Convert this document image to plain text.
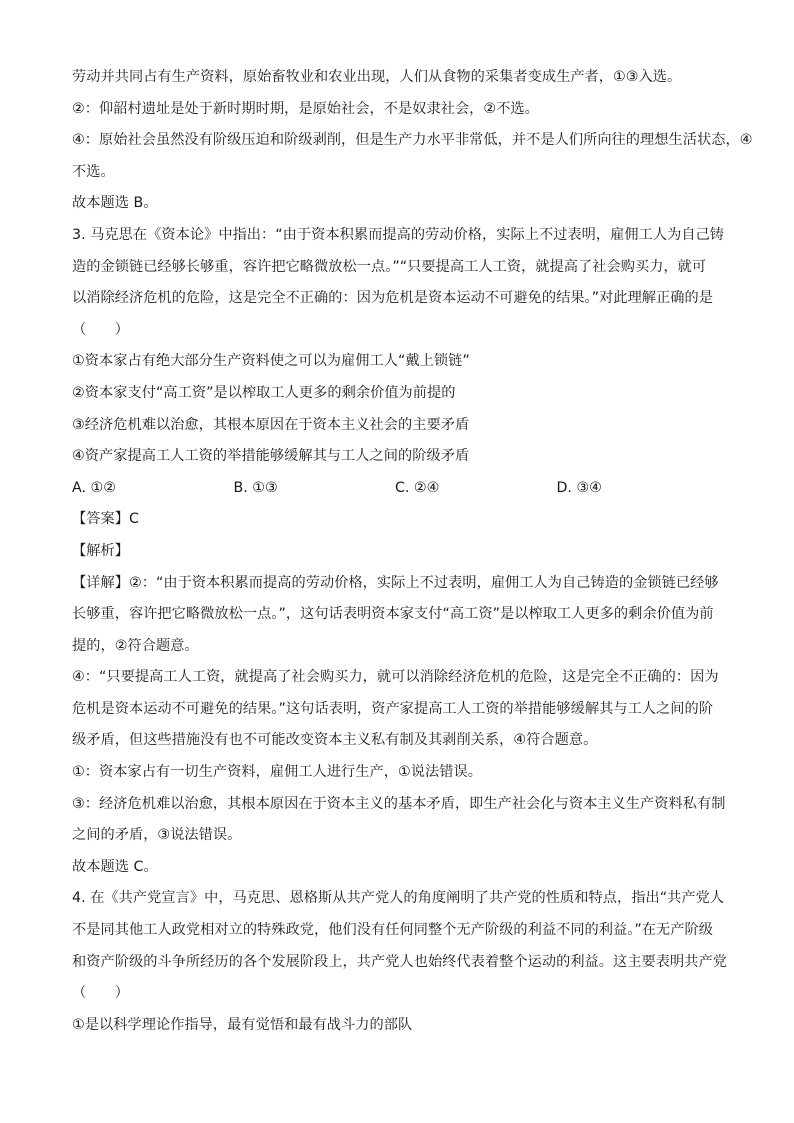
劳动并共同占有生产资料，原始畜牧业和农业出现，人们从食物的采集者变成生产者，①③入选。
②：仰韶村遗址是处于新时期时期，是原始社会，不是奴隶社会，②不选。
④：原始社会虽然没有阶级压迫和阶级剥削，但是生产力水平非常低，并不是人们所向往的理想生活状态，④
不选。
故本题选 B。
3. 马克思在《资本论》中指出：“由于资本积累而提高的劳动价格，实际上不过表明，雇佣工人为自己铸
造的金锁链已经够长够重，容许把它略微放松一点。”“只要提高工人工资，就提高了社会购买力，就可
以消除经济危机的危险，这是完全不正确的：因为危机是资本运动不可避免的结果。”对此理解正确的是
（　　）
①资本家占有绝大部分生产资料使之可以为雇佣工人“戴上锁链”
②资本家支付“高工资”是以榨取工人更多的剩余价值为前提的
③经济危机难以治愈，其根本原因在于资本主义社会的主要矛盾
④资产家提高工人工资的举措能够缓解其与工人之间的阶级矛盾
A. ①②	B. ①③	C. ②④	D. ③④
【答案】C
【解析】
【详解】②：“由于资本积累而提高的劳动价格，实际上不过表明，雇佣工人为自己铸造的金锁链已经够
长够重，容许把它略微放松一点。”，这句话表明资本家支付“高工资”是以榨取工人更多的剩余价值为前
提的，②符合题意。
④：“只要提高工人工资，就提高了社会购买力，就可以消除经济危机的危险，这是完全不正确的：因为
危机是资本运动不可避免的结果。”这句话表明，资产家提高工人工资的举措能够缓解其与工人之间的阶
级矛盾，但这些措施没有也不可能改变资本主义私有制及其剥削关系，④符合题意。
①：资本家占有一切生产资料，雇佣工人进行生产，①说法错误。
③：经济危机难以治愈，其根本原因在于资本主义的基本矛盾，即生产社会化与资本主义生产资料私有制
之间的矛盾，③说法错误。
故本题选 C。
4. 在《共产党宣言》中，马克思、恩格斯从共产党人的角度阐明了共产党的性质和特点，指出“共产党人
不是同其他工人政党相对立的特殊政党，他们没有任何同整个无产阶级的利益不同的利益。”在无产阶级
和资产阶级的斗争所经历的各个发展阶段上，共产党人也始终代表着整个运动的利益。这主要表明共产党
（　　）
①是以科学理论作指导，最有觉悟和最有战斗力的部队
